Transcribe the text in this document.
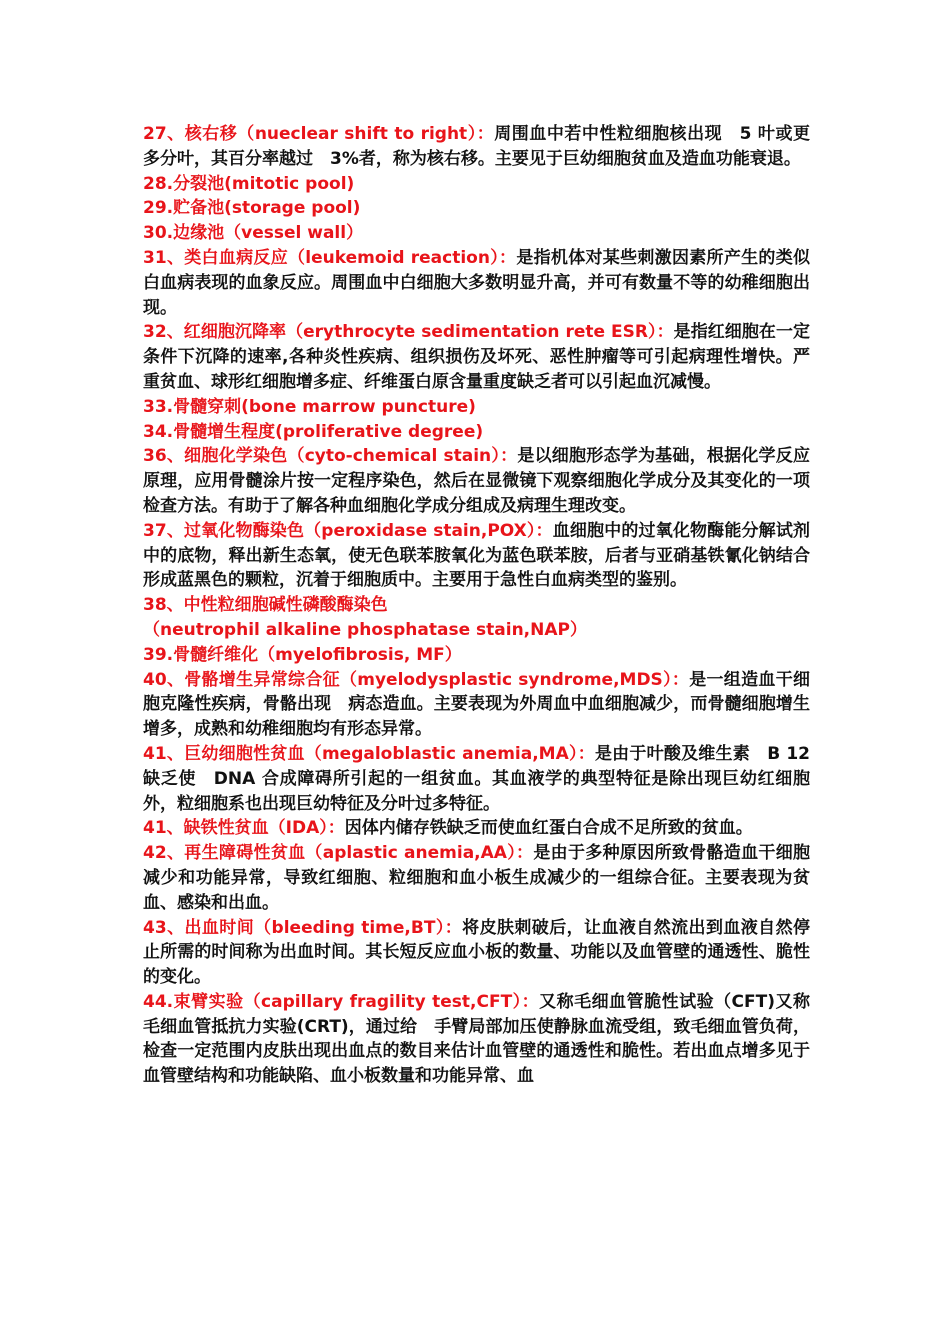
27、核右移（nueclear shift to right）：周围血中若中性粒细胞核出现　5 叶或更多分叶，其百分率越过　3%者，称为核右移。主要见于巨幼细胞贫血及造血功能衰退。

28.分裂池(mitotic pool)

29.贮备池(storage pool)

30.边缘池（vessel wall）

31、类白血病反应（leukemoid reaction）：是指机体对某些刺激因素所产生的类似白血病表现的血象反应。周围血中白细胞大多数明显升高，并可有数量不等的幼稚细胞出现。

32、红细胞沉降率（erythrocyte sedimentation rete ESR）：是指红细胞在一定条件下沉降的速率,各种炎性疾病、组织损伤及坏死、恶性肿瘤等可引起病理性增快。严重贫血、球形红细胞增多症、纤维蛋白原含量重度缺乏者可以引起血沉减慢。

33.骨髓穿刺(bone marrow puncture)

34.骨髓增生程度(proliferative degree)

36、细胞化学染色（cyto-chemical stain）：是以细胞形态学为基础，根据化学反应原理，应用骨髓涂片按一定程序染色，然后在显微镜下观察细胞化学成分及其变化的一项检查方法。有助于了解各种血细胞化学成分组成及病理生理改变。

37、过氧化物酶染色（peroxidase stain,POX）：血细胞中的过氧化物酶能分解试剂中的底物，释出新生态氧，使无色联苯胺氧化为蓝色联苯胺，后者与亚硝基铁氰化钠结合　形成蓝黑色的颗粒，沉着于细胞质中。主要用于急性白血病类型的鉴别。

38、中性粒细胞碱性磷酸酶染色

（neutrophil alkaline phosphatase stain,NAP）

39.骨髓纤维化（myelofibrosis, MF）

40、骨骼增生异常综合征（myelodysplastic syndrome,MDS）：是一组造血干细胞克隆性疾病，骨骼出现　病态造血。主要表现为外周血中血细胞减少，而骨髓细胞增生增多，成熟和幼稚细胞均有形态异常。

41、巨幼细胞性贫血（megaloblastic anemia,MA）：是由于叶酸及维生素　B 12 缺乏使　DNA 合成障碍所引起的一组贫血。其血液学的典型特征是除出现巨幼红细胞外，粒细胞系也出现巨幼特征及分叶过多特征。

41、缺铁性贫血（IDA）：因体内储存铁缺乏而使血红蛋白合成不足所致的贫血。

42、再生障碍性贫血（aplastic anemia,AA）：是由于多种原因所致骨骼造血干细胞减少和功能异常，导致红细胞、粒细胞和血小板生成减少的一组综合征。主要表现为贫血、感染和出血。

43、出血时间（bleeding time,BT）：将皮肤刺破后，让血液自然流出到血液自然停止所需的时间称为出血时间。其长短反应血小板的数量、功能以及血管壁的通透性、脆性的变化。

44.束臂实验（capillary fragility test,CFT）：又称毛细血管脆性试验（CFT)又称毛细血管抵抗力实验(CRT)，通过给　手臂局部加压使静脉血流受组，致毛细血管负荷，检查一定范围内皮肤出现出血点的数目来估计血管壁的通透性和脆性。若出血点增多见于血管壁结构和功能缺陷、血小板数量和功能异常、血
